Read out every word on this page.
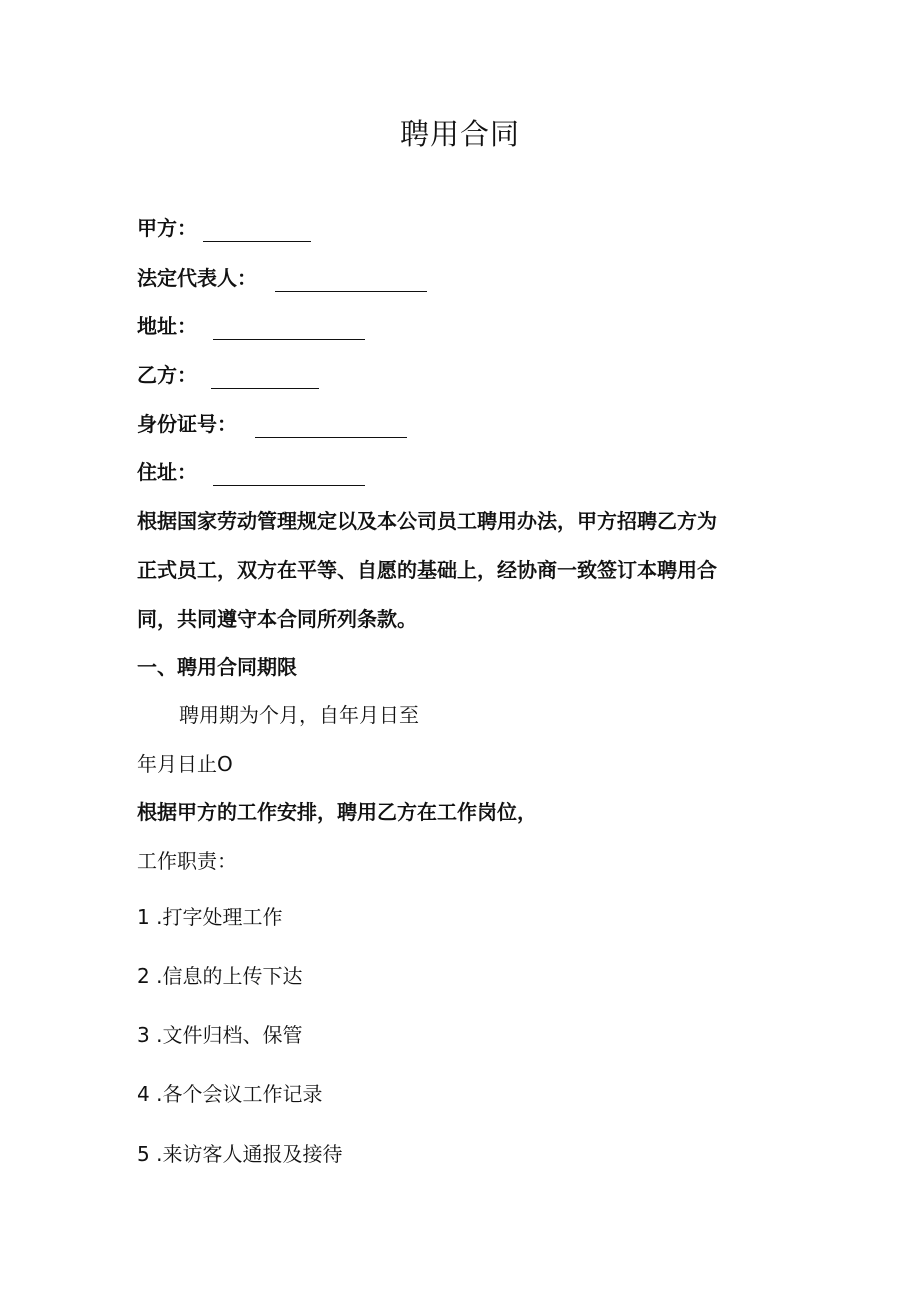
聘用合同
甲方：
法定代表人：
地址：
乙方：
身份证号：
住址：
根据国家劳动管理规定以及本公司员工聘用办法，甲方招聘乙方为
正式员工，双方在平等、自愿的基础上，经协商一致签订本聘用合
同，共同遵守本合同所列条款。
一、聘用合同期限
聘用期为个月，自年月日至
年月日止O
根据甲方的工作安排，聘用乙方在工作岗位，
工作职责：
1 .打字处理工作
2 .信息的上传下达
3 .文件归档、保管
4 .各个会议工作记录
5 .来访客人通报及接待
